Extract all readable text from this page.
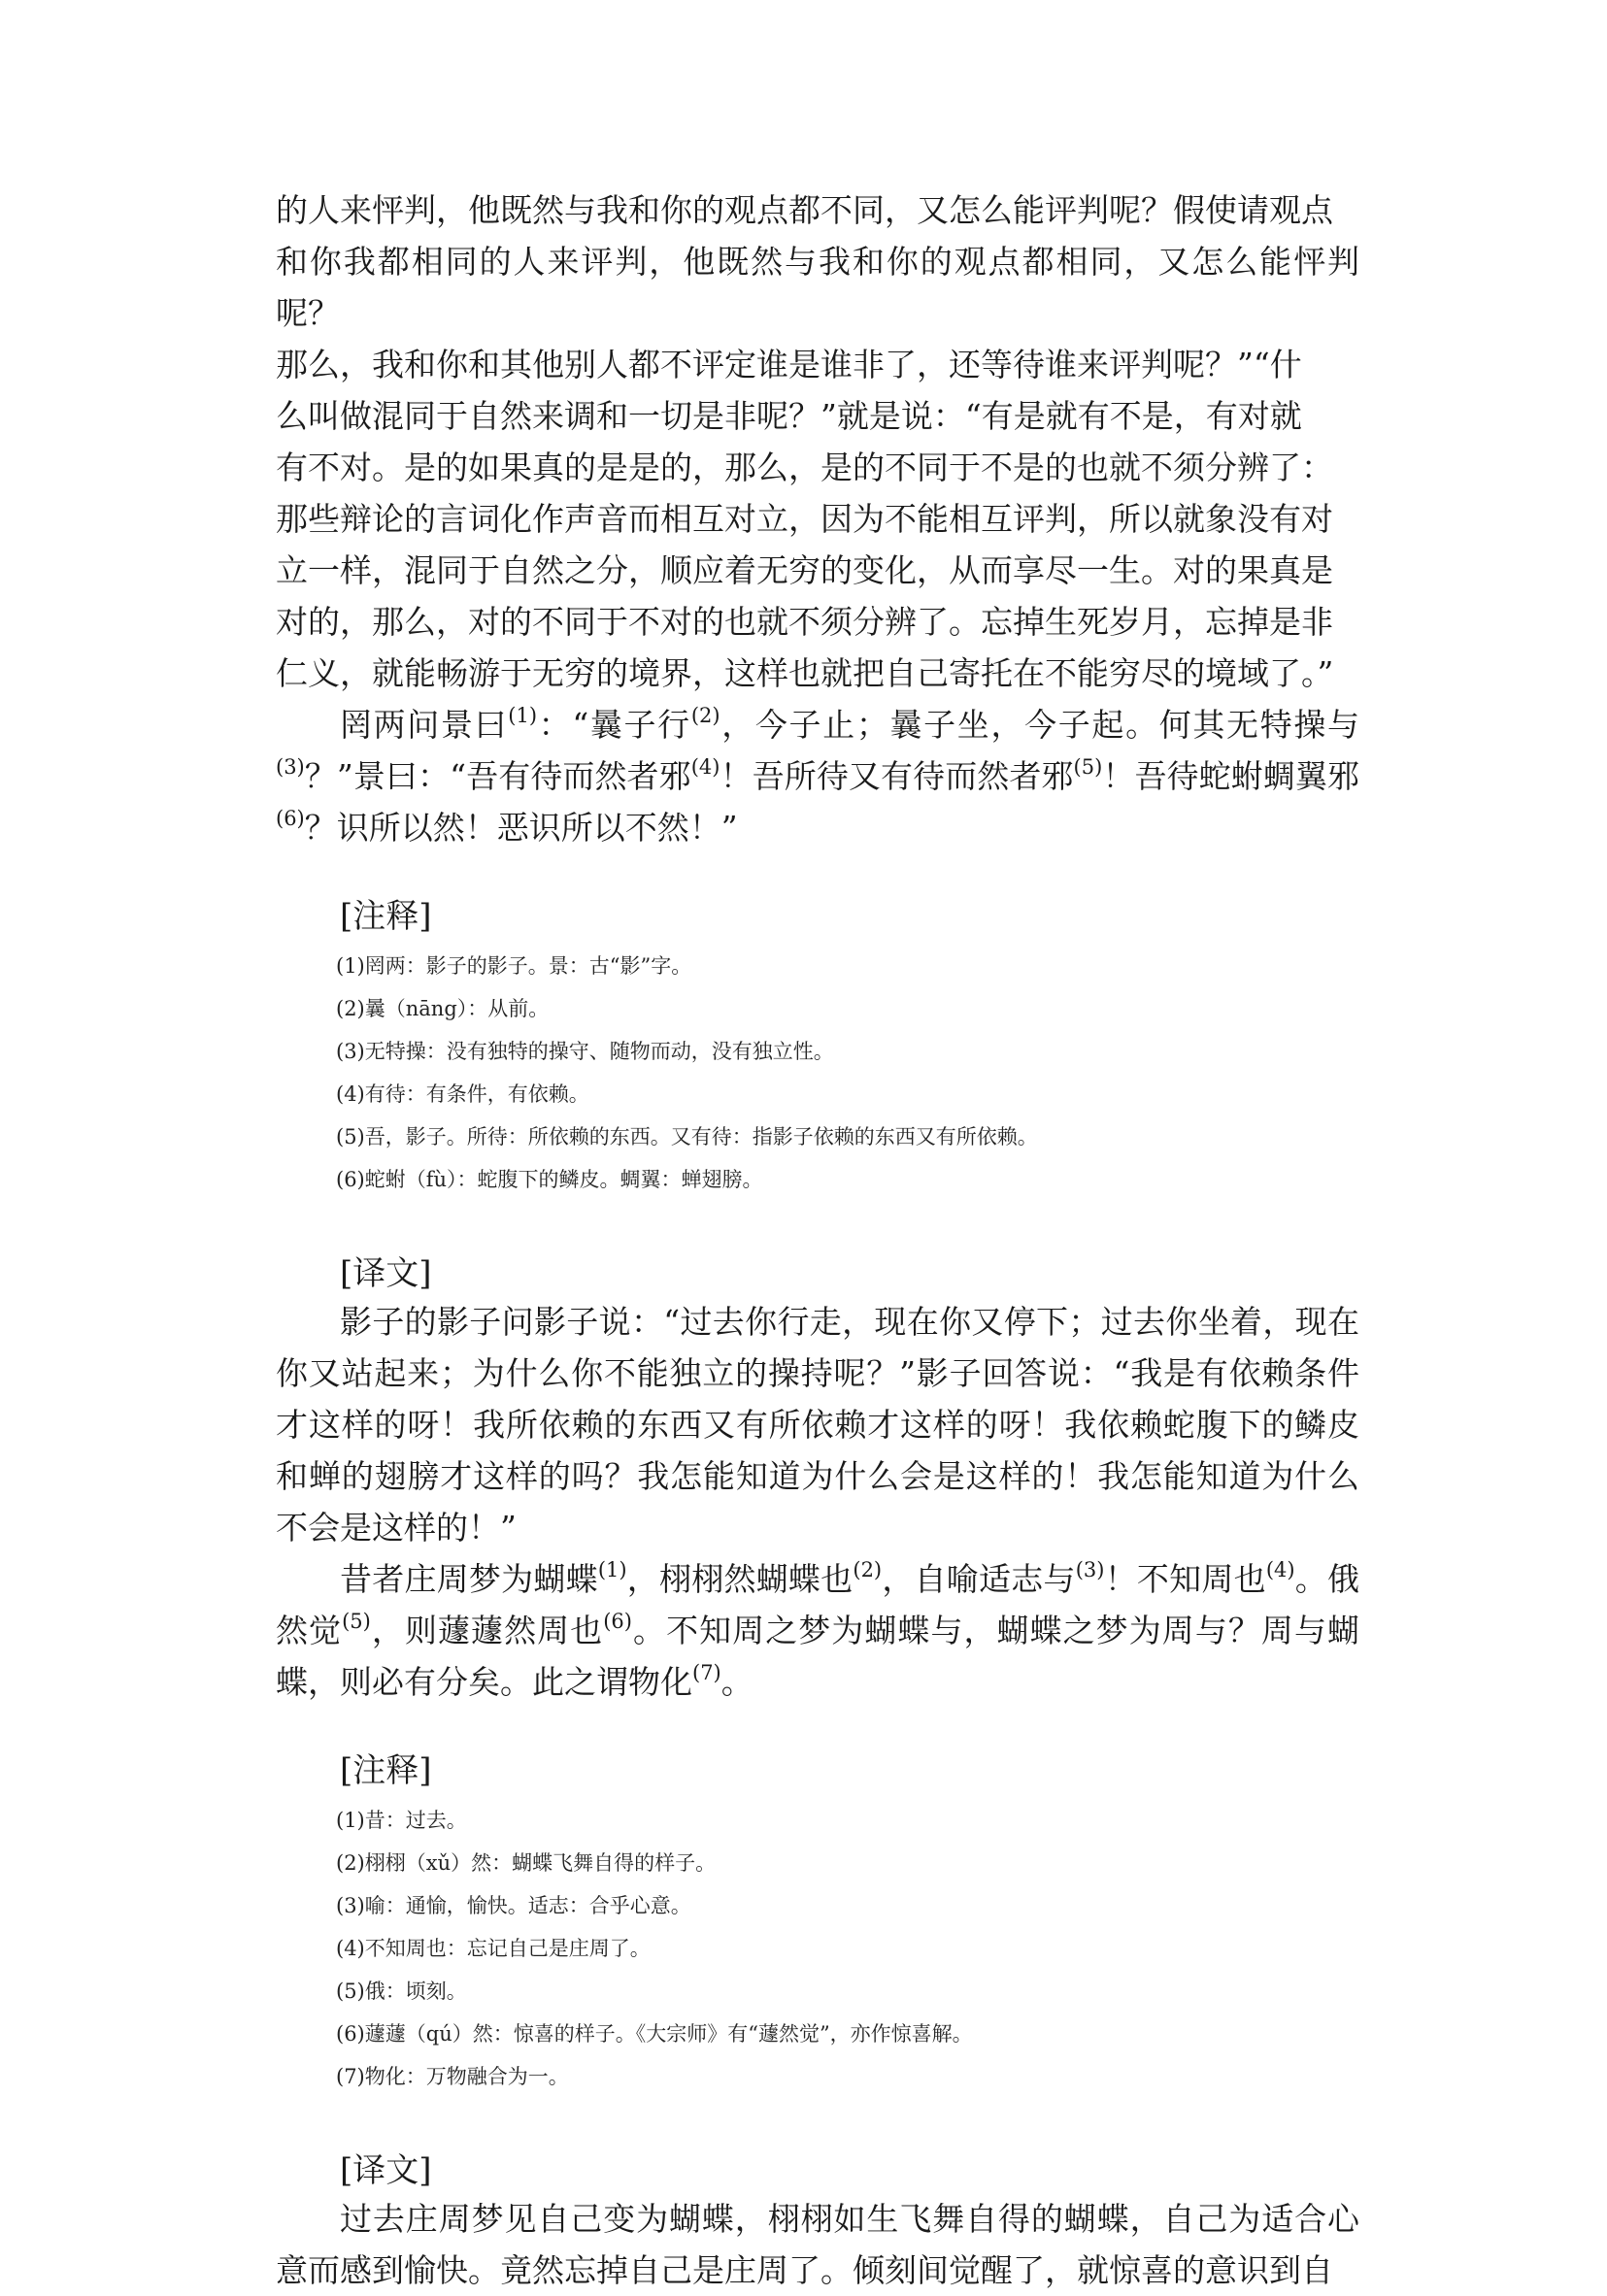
的人来怦判，他既然与我和你的观点都不同，又怎么能评判呢？假使请观点

和你我都相同的人来评判，他既然与我和你的观点都相同，又怎么能怦判呢？

那么，我和你和其他别人都不评定谁是谁非了，还等待谁来评判呢？”“什

么叫做混同于自然来调和一切是非呢？”就是说：“有是就有不是，有对就

有不对。是的如果真的是是的，那么，是的不同于不是的也就不须分辨了：

那些辩论的言词化作声音而相互对立，因为不能相互评判，所以就象没有对

立一样，混同于自然之分，顺应着无穷的变化，从而享尽一生。对的果真是

对的，那么，对的不同于不对的也就不须分辨了。忘掉生死岁月，忘掉是非

仁义，就能畅游于无穷的境界，这样也就把自己寄托在不能穷尽的境域了。”

罔两问景曰$^{(1)}$：“曩子行$^{(2)}$，今子止；曩子坐，今子起。何其无特操与$^{(3)}$？”景曰：“吾有待而然者邪$^{(4)}$！吾所待又有待而然者邪$^{(5)}$！吾待蛇蚹蜩翼邪$^{(6)}$？识所以然！恶识所以不然！”

[注释]
(1)罔两：影子的影子。景：古“影”字。
(2)曩（nāng）：从前。
(3)无特操：没有独特的操守、随物而动，没有独立性。
(4)有待：有条件，有依赖。
(5)吾，影子。所待：所依赖的东西。又有待：指影子依赖的东西又有所依赖。
(6)蛇蚹（fù）：蛇腹下的鳞皮。蜩翼：蝉翅膀。
[译文]

影子的影子问影子说：“过去你行走，现在你又停下；过去你坐着，现在你又站起来；为什么你不能独立的操持呢？”影子回答说：“我是有依赖条件才这样的呀！我所依赖的东西又有所依赖才这样的呀！我依赖蛇腹下的鳞皮和蝉的翅膀才这样的吗？我怎能知道为什么会是这样的！我怎能知道为什么不会是这样的！”

昔者庄周梦为蝴蝶$^{(1)}$，栩栩然蝴蝶也$^{(2)}$，自喻适志与$^{(3)}$！不知周也$^{(4)}$。俄然觉$^{(5)}$，则蘧蘧然周也$^{(6)}$。不知周之梦为蝴蝶与，蝴蝶之梦为周与？周与蝴蝶，则必有分矣。此之谓物化$^{(7)}$。

[注释]
(1)昔：过去。
(2)栩栩（xǔ）然：蝴蝶飞舞自得的样子。
(3)喻：通愉，愉快。适志：合乎心意。
(4)不知周也：忘记自己是庄周了。
(5)俄：顷刻。
(6)蘧蘧（qú）然：惊喜的样子。《大宗师》有“蘧然觉”，亦作惊喜解。
(7)物化：万物融合为一。
[译文]

过去庄周梦见自己变为蝴蝶，栩栩如生飞舞自得的蝴蝶，自己为适合心意而感到愉快。竟然忘掉自己是庄周了。倾刻间觉醒了，就惊喜的意识到自
